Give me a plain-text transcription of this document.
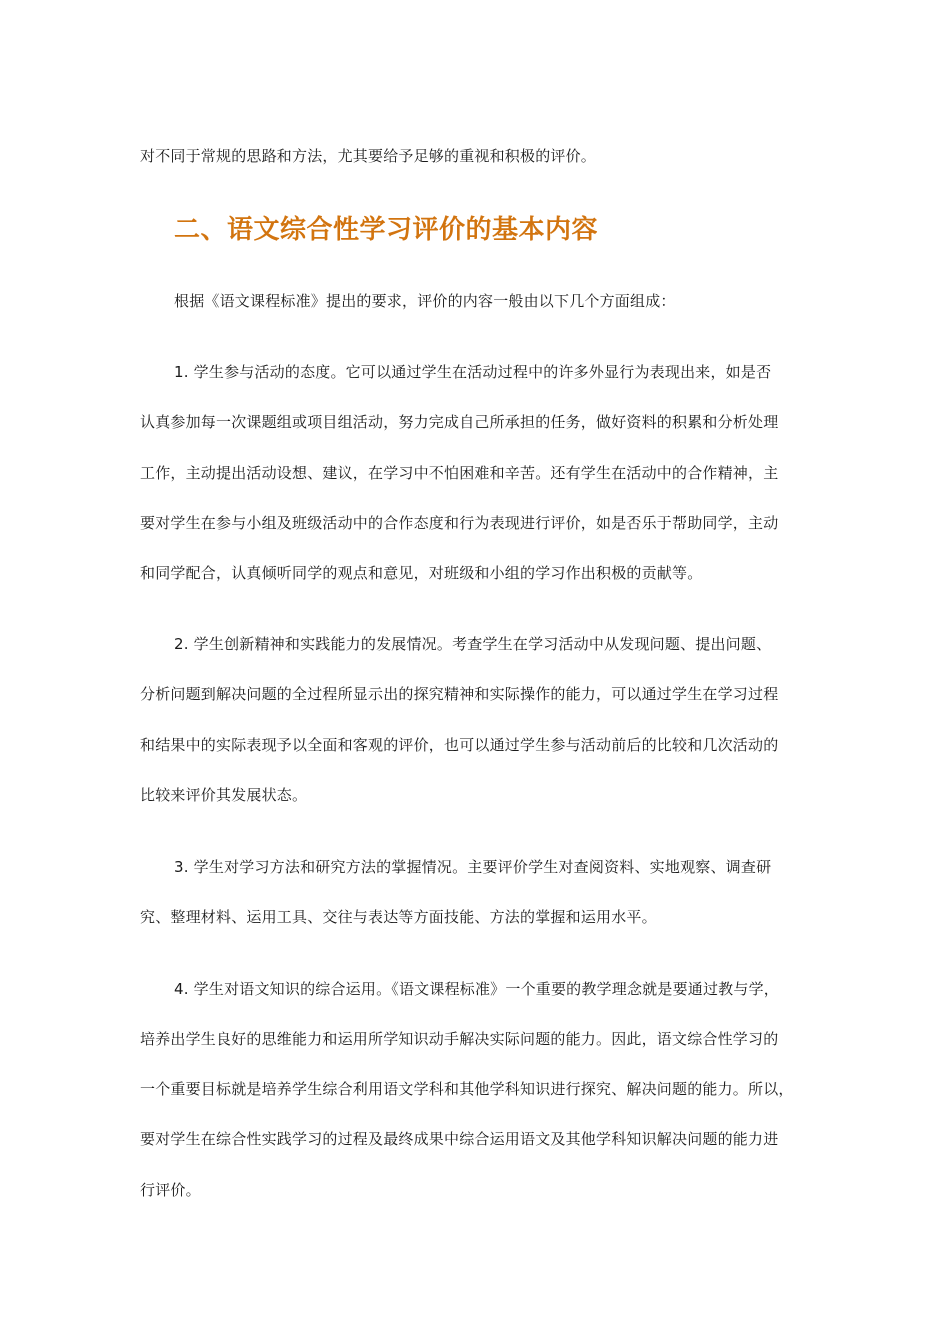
对不同于常规的思路和方法，尤其要给予足够的重视和积极的评价。
二、语文综合性学习评价的基本内容
根据《语文课程标准》提出的要求，评价的内容一般由以下几个方面组成：
1. 学生参与活动的态度。它可以通过学生在活动过程中的许多外显行为表现出来，如是否
认真参加每一次课题组或项目组活动，努力完成自己所承担的任务，做好资料的积累和分析处理
工作，主动提出活动设想、建议，在学习中不怕困难和辛苦。还有学生在活动中的合作精神，主
要对学生在参与小组及班级活动中的合作态度和行为表现进行评价，如是否乐于帮助同学，主动
和同学配合，认真倾听同学的观点和意见，对班级和小组的学习作出积极的贡献等。
2. 学生创新精神和实践能力的发展情况。考查学生在学习活动中从发现问题、提出问题、
分析问题到解决问题的全过程所显示出的探究精神和实际操作的能力，可以通过学生在学习过程
和结果中的实际表现予以全面和客观的评价，也可以通过学生参与活动前后的比较和几次活动的
比较来评价其发展状态。
3. 学生对学习方法和研究方法的掌握情况。主要评价学生对查阅资料、实地观察、调查研
究、整理材料、运用工具、交往与表达等方面技能、方法的掌握和运用水平。
4. 学生对语文知识的综合运用。《语文课程标准》一个重要的教学理念就是要通过教与学，
培养出学生良好的思维能力和运用所学知识动手解决实际问题的能力。因此，语文综合性学习的
一个重要目标就是培养学生综合利用语文学科和其他学科知识进行探究、解决问题的能力。所以，
要对学生在综合性实践学习的过程及最终成果中综合运用语文及其他学科知识解决问题的能力进
行评价。
